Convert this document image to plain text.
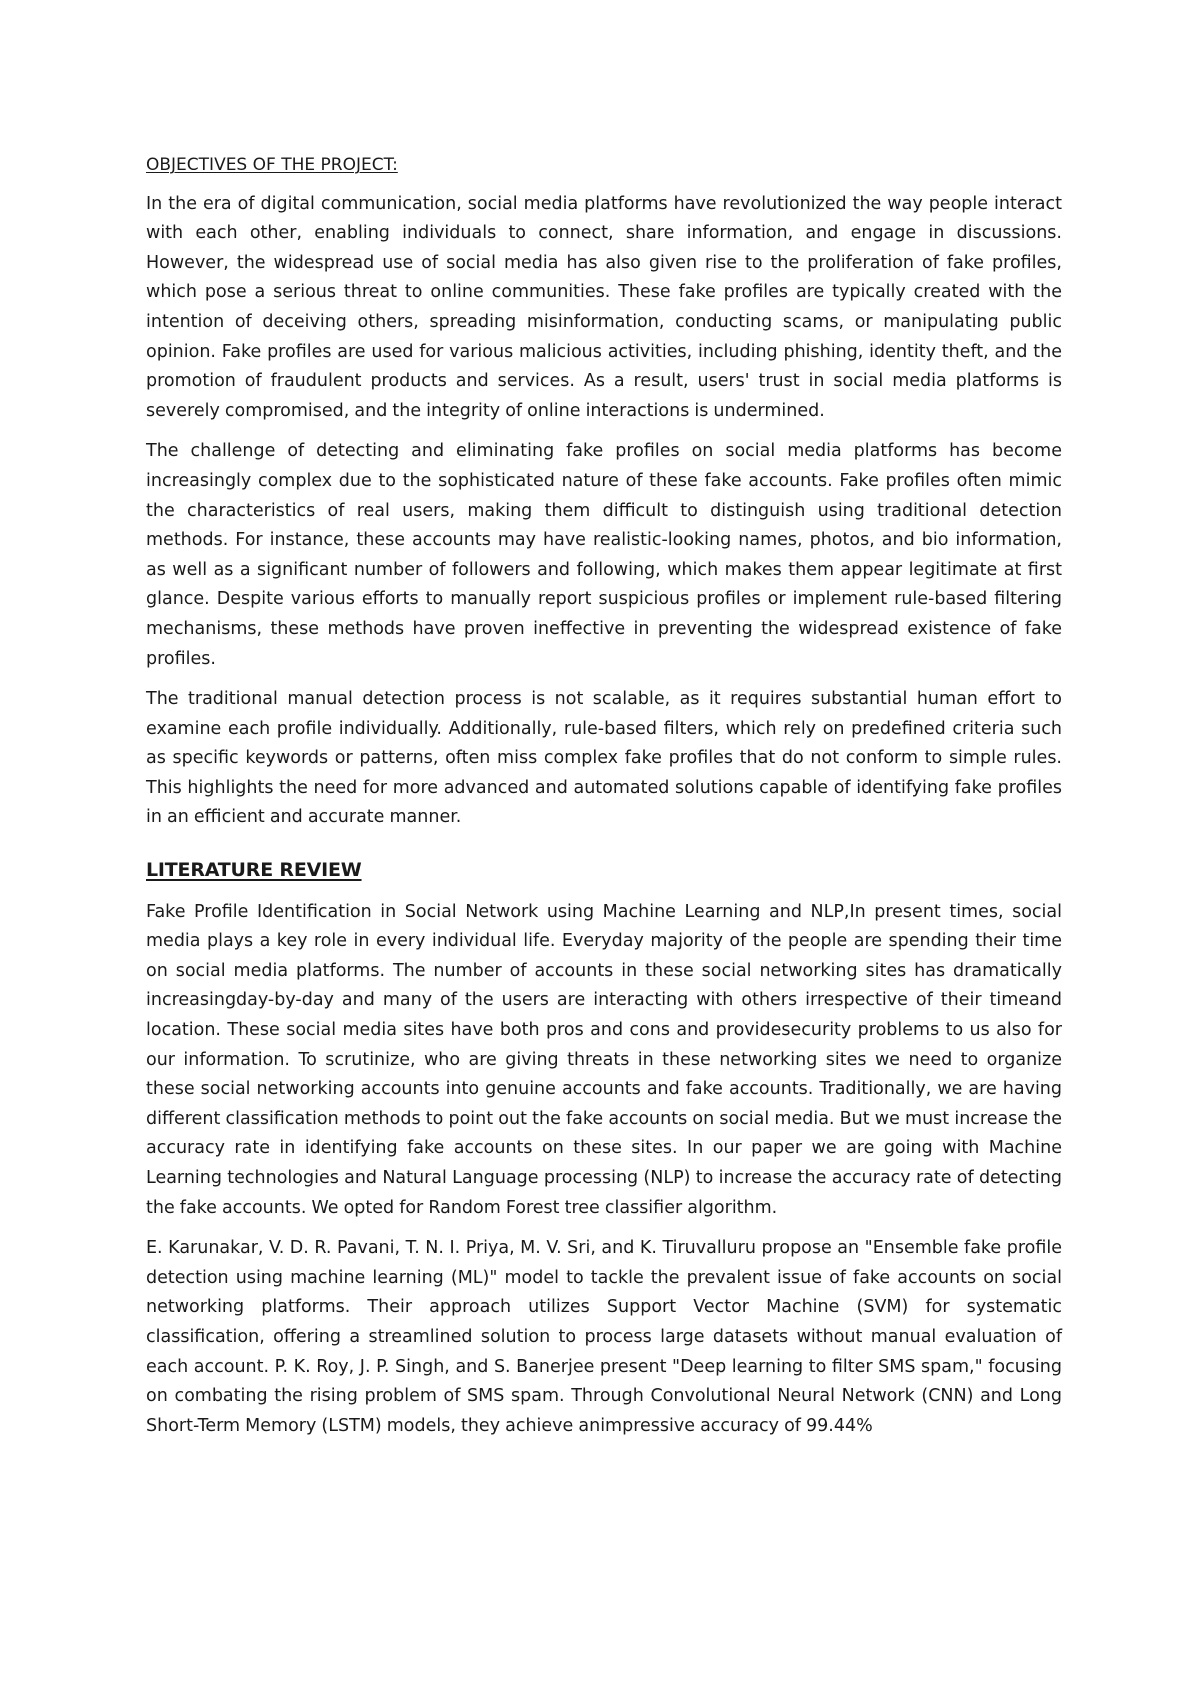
OBJECTIVES OF THE PROJECT:

In the era of digital communication, social media platforms have revolutionized the way people interact with each other, enabling individuals to connect, share information, and engage in discussions. However, the widespread use of social media has also given rise to the proliferation of fake profiles, which pose a serious threat to online communities. These fake profiles are typically created with the intention of deceiving others, spreading misinformation, conducting scams, or manipulating public opinion. Fake profiles are used for various malicious activities, including phishing, identity theft, and the promotion of fraudulent products and services. As a result, users' trust in social media platforms is severely compromised, and the integrity of online interactions is undermined.

The challenge of detecting and eliminating fake profiles on social media platforms has become increasingly complex due to the sophisticated nature of these fake accounts. Fake profiles often mimic the characteristics of real users, making them difficult to distinguish using traditional detection methods. For instance, these accounts may have realistic-looking names, photos, and bio information, as well as a significant number of followers and following, which makes them appear legitimate at first glance. Despite various efforts to manually report suspicious profiles or implement rule-based filtering mechanisms, these methods have proven ineffective in preventing the widespread existence of fake profiles.

The traditional manual detection process is not scalable, as it requires substantial human effort to examine each profile individually. Additionally, rule-based filters, which rely on predefined criteria such as specific keywords or patterns, often miss complex fake profiles that do not conform to simple rules. This highlights the need for more advanced and automated solutions capable of identifying fake profiles in an efficient and accurate manner.

LITERATURE REVIEW

Fake Profile Identification in Social Network using Machine Learning and NLP,In present times, social media plays a key role in every individual life. Everyday majority of the people are spending their time on social media platforms. The number of accounts in these social networking sites has dramatically increasingday-by-day and many of the users are interacting with others irrespective of their timeand location. These social media sites have both pros and cons and providesecurity problems to us also for our information. To scrutinize, who are giving threats in these networking sites we need to organize these social networking accounts into genuine accounts and fake accounts. Traditionally, we are having different classification methods to point out the fake accounts on social media. But we must increase the accuracy rate in identifying fake accounts on these sites. In our paper we are going with Machine Learning technologies and Natural Language processing (NLP) to increase the accuracy rate of detecting the fake accounts. We opted for Random Forest tree classifier algorithm.

E. Karunakar, V. D. R. Pavani, T. N. I. Priya, M. V. Sri, and K. Tiruvalluru propose an "Ensemble fake profile detection using machine learning (ML)" model to tackle the prevalent issue of fake accounts on social networking platforms. Their approach utilizes Support Vector Machine (SVM) for systematic classification, offering a streamlined solution to process large datasets without manual evaluation of each account. P. K. Roy, J. P. Singh, and S. Banerjee present "Deep learning to filter SMS spam," focusing on combating the rising problem of SMS spam. Through Convolutional Neural Network (CNN) and Long Short-Term Memory (LSTM) models, they achieve animpressive accuracy of 99.44%
